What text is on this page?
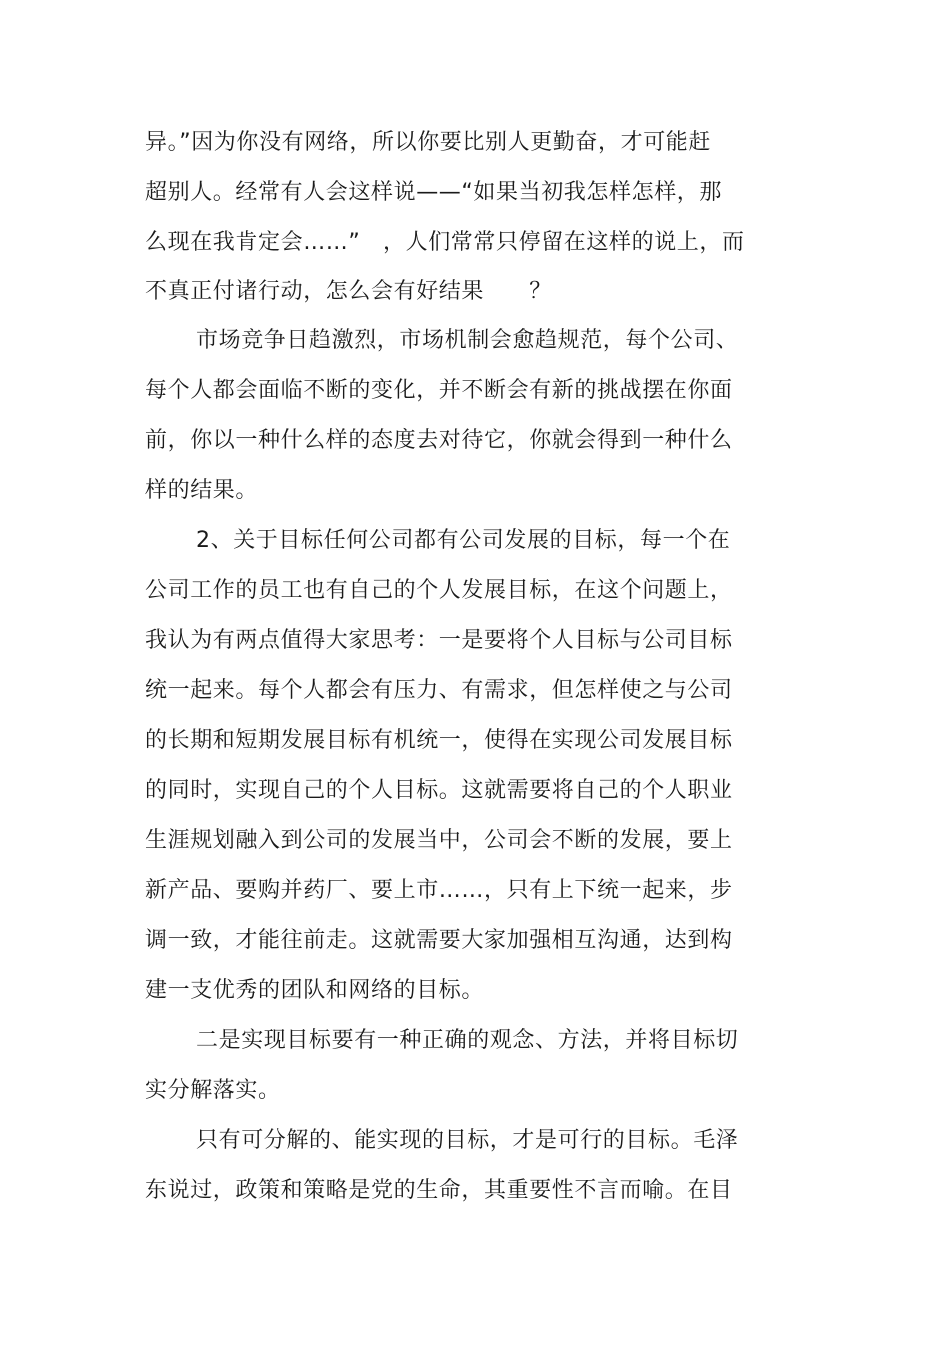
异。”因为你没有网络，所以你要比别人更勤奋，才可能赶
超别人。经常有人会这样说——“如果当初我怎样怎样，那
么现在我肯定会……”　，人们常常只停留在这样的说上，而
不真正付诸行动，怎么会有好结果　　？
市场竞争日趋激烈，市场机制会愈趋规范，每个公司、
每个人都会面临不断的变化，并不断会有新的挑战摆在你面
前，你以一种什么样的态度去对待它，你就会得到一种什么
样的结果。
2、关于目标任何公司都有公司发展的目标，每一个在
公司工作的员工也有自己的个人发展目标，在这个问题上，
我认为有两点值得大家思考：一是要将个人目标与公司目标
统一起来。每个人都会有压力、有需求，但怎样使之与公司
的长期和短期发展目标有机统一，使得在实现公司发展目标
的同时，实现自己的个人目标。这就需要将自己的个人职业
生涯规划融入到公司的发展当中，公司会不断的发展，要上
新产品、要购并药厂、要上市……，只有上下统一起来，步
调一致，才能往前走。这就需要大家加强相互沟通，达到构
建一支优秀的团队和网络的目标。
二是实现目标要有一种正确的观念、方法，并将目标切
实分解落实。
只有可分解的、能实现的目标，才是可行的目标。毛泽
东说过，政策和策略是党的生命，其重要性不言而喻。在目
